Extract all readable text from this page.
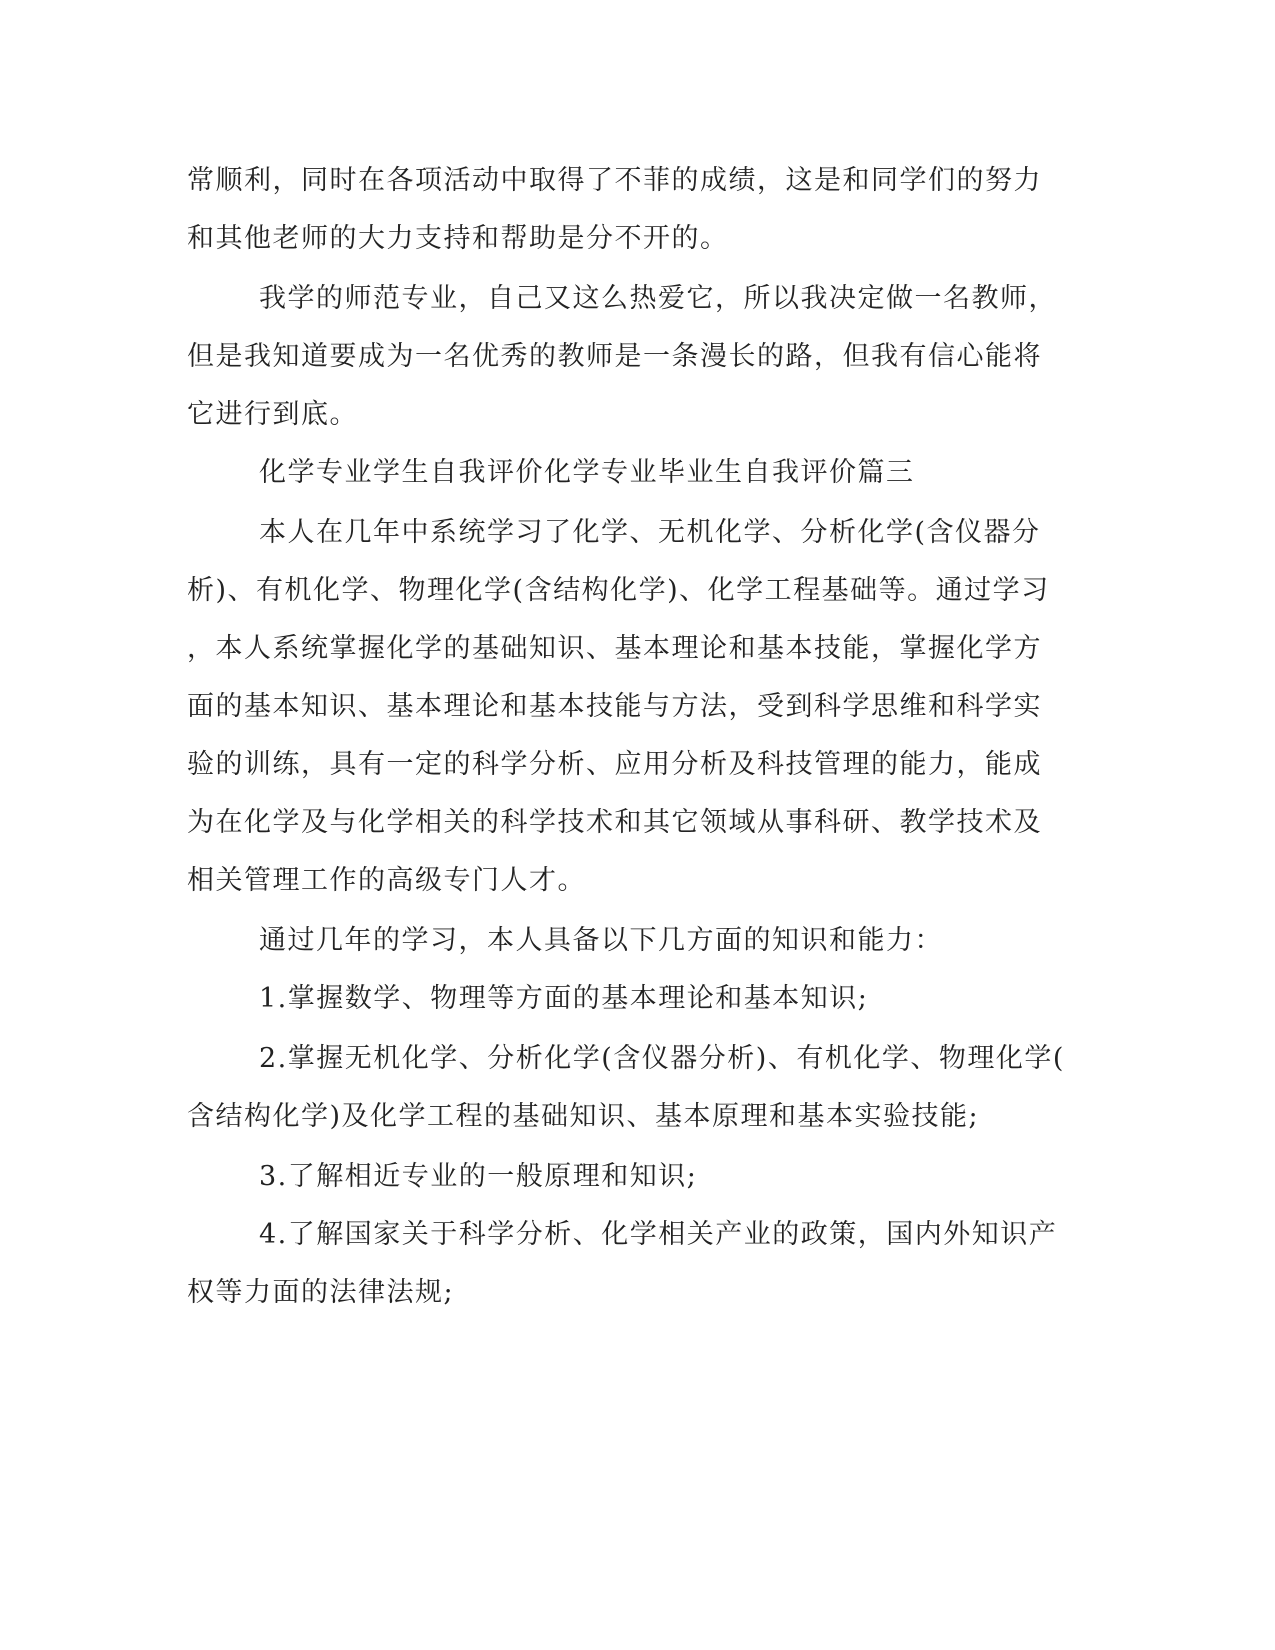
常顺利，同时在各项活动中取得了不菲的成绩，这是和同学们的努力
和其他老师的大力支持和帮助是分不开的。
我学的师范专业，自己又这么热爱它，所以我决定做一名教师，
但是我知道要成为一名优秀的教师是一条漫长的路，但我有信心能将
它进行到底。
化学专业学生自我评价化学专业毕业生自我评价篇三
本人在几年中系统学习了化学、无机化学、分析化学(含仪器分
析)、有机化学、物理化学(含结构化学)、化学工程基础等。通过学习
，本人系统掌握化学的基础知识、基本理论和基本技能，掌握化学方
面的基本知识、基本理论和基本技能与方法，受到科学思维和科学实
验的训练，具有一定的科学分析、应用分析及科技管理的能力，能成
为在化学及与化学相关的科学技术和其它领域从事科研、教学技术及
相关管理工作的高级专门人才。
通过几年的学习，本人具备以下几方面的知识和能力：
1.掌握数学、物理等方面的基本理论和基本知识;
2.掌握无机化学、分析化学(含仪器分析)、有机化学、物理化学(
含结构化学)及化学工程的基础知识、基本原理和基本实验技能;
3.了解相近专业的一般原理和知识;
4.了解国家关于科学分析、化学相关产业的政策，国内外知识产
权等力面的法律法规;
